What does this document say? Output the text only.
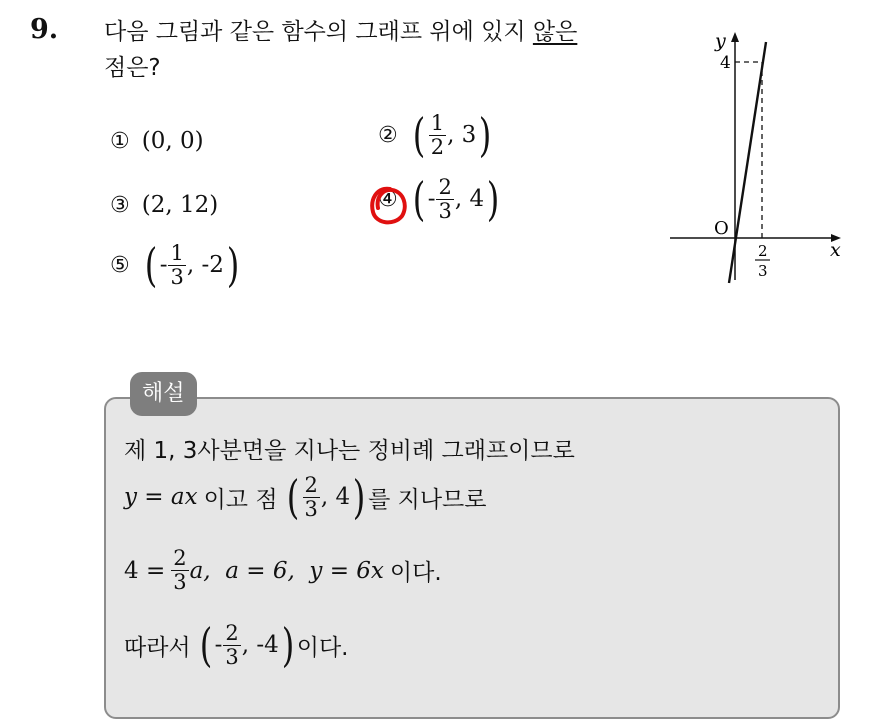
9. 다음 그림과 같은 함수의 그래프 위에 있지 않은
점은?
① (0, 0)	② ( $\frac{1}{2}$ , 3 )
③ (2, 12)	④ ( - $\frac{2}{3}$ , 4 )
⑤ ( - $\frac{1}{3}$ , -2 )
y
x
O
4
2
3
해설
제 1, 3사분면을 지나는 정비례 그래프이므로
y = ax 이고 점 ( $\frac{2}{3}$ , 4 ) 를 지나므로
$4 = \frac{2}{3} a$,  a = 6,  y = 6x 이다.
따라서 ( - $\frac{2}{3}$ , -4 ) 이다.
